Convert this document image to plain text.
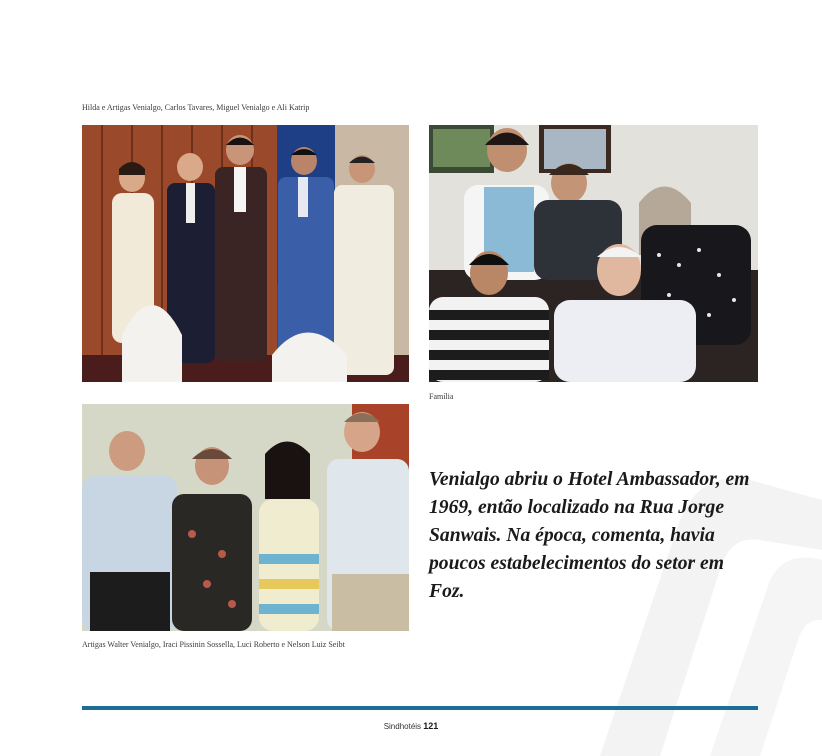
Hilda e Artigas Venialgo, Carlos Tavares, Miguel Venialgo e Ali Katrip
Família
Artigas Walter Venialgo, Iraci Pissinin Sossella, Luci Roberto e Nelson Luiz Seibt
Venialgo abriu o Hotel Ambassador, em 1969, então localizado na Rua Jorge Sanwais. Na época, comenta, havia poucos estabelecimentos do setor em Foz.
Sindhotéis 121
